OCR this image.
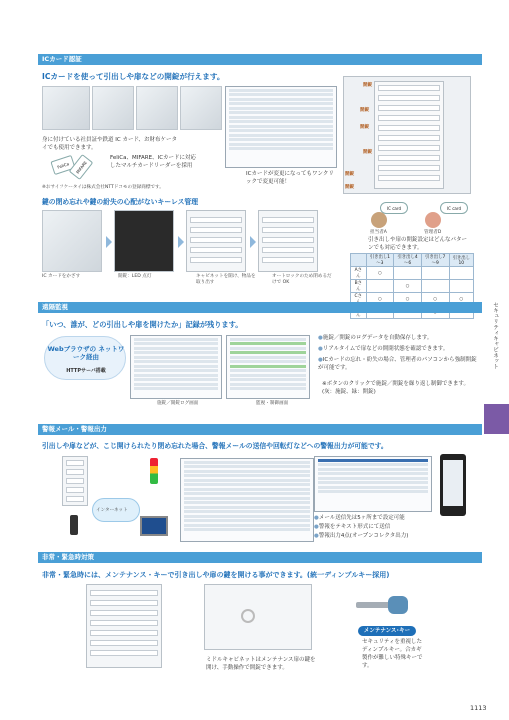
ICカード認証
ICカードを使って引出しや扉などの開錠が行えます。
身に付けている社員証や鉄道 IC カード、お財布ケータイでも使用できます。
FeliCa	MIFARE
FeliCa、MIFARE、ICカードに対応したマルチカードリーダーを採用
※おサイフケータイは株式会社NTTドコモの登録商標です。
ICカードが変更になってもワンクリックで変更可能！
開錠
開錠
開錠
開錠
開錠
開錠
鍵の閉め忘れや鍵の紛失の心配がないキーレス管理
IC カードをかざす	開錠：LED 点灯	キャビネットを開け、物品を取り出す
オートロックのため閉めるだけで OK
IC card	IC card
担当者A	管理者D
引き出しや扉の開錠設定はどんなパターンでも対応できます。
	引き出し1～3	引き出し4～6	引き出し7～9	引き出し10
Aさん	○			
Bさん		○		
Cさ	○	○	○	○
ん				
遠隔監視
「いつ、誰が、どの引出しや扉を開けたか」記録が残ります。
Webブラウザの ネットワーク経由
HTTPサーバ搭載
施錠／開錠ログ画面	監視・制御画面
●施錠／開錠のログデータを自動保存します。
●リアルタイムで扉などの開閉状態を確認できます。
●ICカードの忘れ・紛失の場合、管理者のパソコンから強制開錠が可能です。
※ボタンのクリックで施錠／開錠を繰り返し制御できます。(灰：施錠、緑：開錠)
警報メール・警報出力
引出しや扉などが、こじ開けられたり閉め忘れた場合、警報メールの送信や回転灯などへの警報出力が可能です。
インターネット
●メール送信先は5ヶ所まで設定可能
●警報をテキスト形式にて送信
●警報出力4点(オープンコレクタ出力)
非常・緊急時対策
非常・緊急時には、メンテナンス・キーで引き出しや扉の鍵を開ける事ができます。(統一ディンプルキー採用)
ミドルキャビネットはメンテナンス扉の鍵を開け、手動操作で開錠できます。
メンテナンス･キー
セキュリティを重視したディンプルキー。合カギ製作が難しい特殊キーです。
セキュリティキャビネット
1113
